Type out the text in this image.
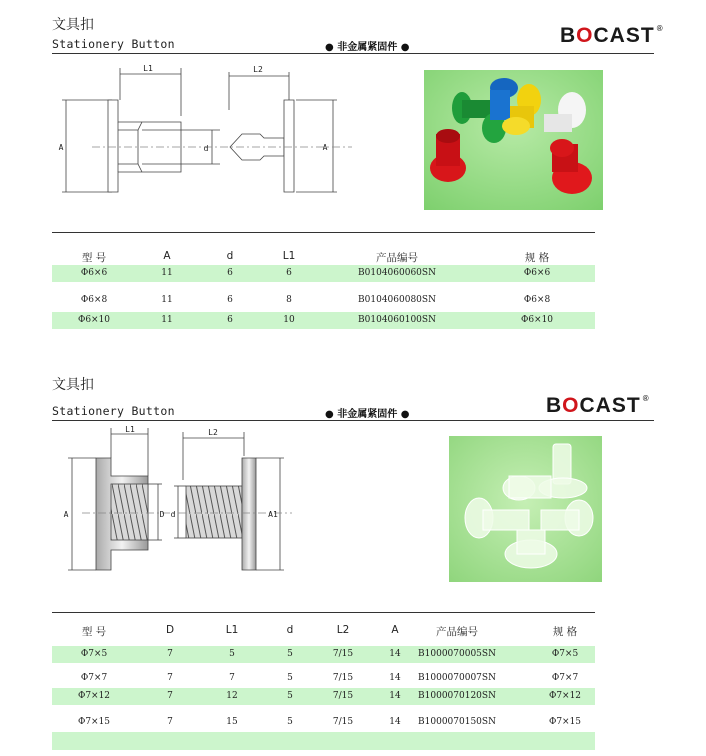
文具扣
Stationery Button	● 非金属紧固件 ●
BOCAST ®
L1	L2
A	d	A
型 号	A	d	L1	产品编号	规 格
Φ6×6	11	6	6	B0104060060SN	Φ6×6
Φ6×8	11	6	8	B0104060080SN	Φ6×8
Φ6×10	11	6	10	B0104060100SN	Φ6×10
文具扣
Stationery Button	● 非金属紧固件 ●	BOCAST ®
L1	L2
A	D d	A1
型 号	D	L1	d	L2	A	产品编号	规 格
Φ7×5	7	5	5	7/15	14	B1000070005SN	Φ7×5
Φ7×7	7	7	5	7/15	14	B1000070007SN	Φ7×7
Φ7×12	7	12	5	7/15	14	B1000070120SN	Φ7×12
Φ7×15	7	15	5	7/15	14	B1000070150SN	Φ7×15
